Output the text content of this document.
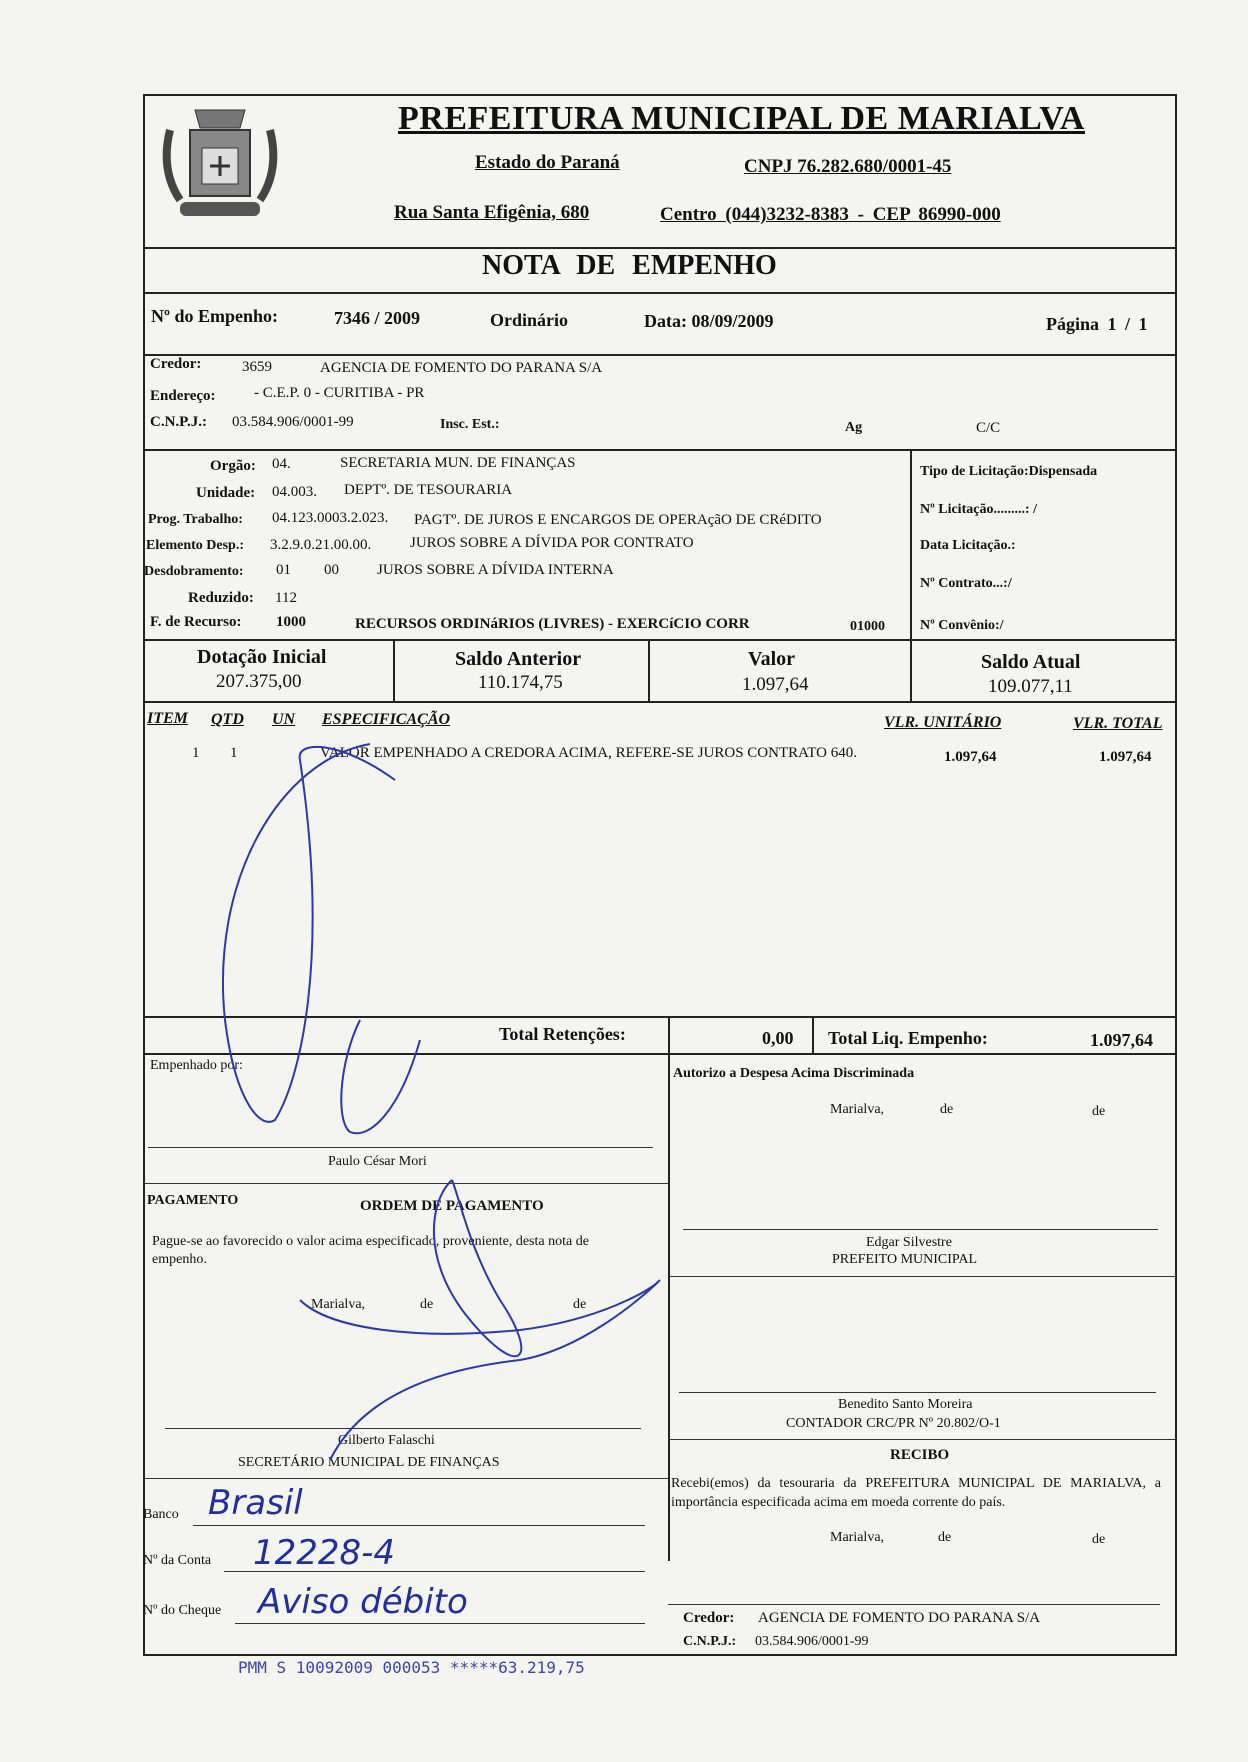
PREFEITURA MUNICIPAL DE MARIALVA
Estado do Paraná	CNPJ 76.282.680/0001-45
Rua Santa Efigênia, 680	Centro (044)3232-8383 - CEP 86990-000
NOTA DE EMPENHO
Nº do Empenho:	7346 / 2009	Ordinário	Data: 08/09/2009	Página 1 / 1
Credor:	3659	AGENCIA DE FOMENTO DO PARANA S/A
Endereço:	- C.E.P. 0 - CURITIBA - PR
C.N.P.J.: 03.584.906/0001-99	Insc. Est.:	Ag	C/C
Orgão: 04.	SECRETARIA MUN. DE FINANÇAS
Unidade: 04.003. DEPTº. DE TESOURARIA
Prog. Trabalho: 04.123.0003.2.023. PAGTº. DE JUROS E ENCARGOS DE OPERAçãO DE CRéDITO
Elemento Desp.: 3.2.9.0.21.00.00.	JUROS SOBRE A DÍVIDA POR CONTRATO
Desdobramento: 01 00	JUROS SOBRE A DÍVIDA INTERNA
Reduzido: 112
F. de Recurso: 1000	RECURSOS ORDINáRIOS (LIVRES) - EXERCíCIO CORR	01000
Tipo de Licitação:Dispensada
Nº Licitação.........: /
Data Licitação.:
Nº Contrato...:/
Nº Convênio:/
Dotação Inicial
207.375,00
Saldo Anterior
110.174,75
Valor
1.097,64
Saldo Atual
109.077,11
ITEM QTD UN ESPECIFICAÇÃO	VLR. UNITÁRIO	VLR. TOTAL
1 1	VALOR EMPENHADO A CREDORA ACIMA, REFERE-SE JUROS CONTRATO 640.	1.097,64	1.097,64
Total Retenções:	0,00 Total Liq. Empenho:	1.097,64
Empenhado por:
Paulo César Mori
Autorizo a Despesa Acima Discriminada
Marialva,	de	de
Edgar Silvestre
PREFEITO MUNICIPAL
Benedito Santo Moreira
CONTADOR CRC/PR Nº 20.802/O-1
PAGAMENTO	ORDEM DE PAGAMENTO
Pague-se ao favorecido o valor acima especificado, proveniente, desta nota de empenho.
Marialva,	de	de
Gilberto Falaschi
SECRETÁRIO MUNICIPAL DE FINANÇAS
Banco Brasil
Nº da Conta 12228-4
Nº do Cheque Aviso débito
RECIBO
Recebi(emos) da tesouraria da PREFEITURA MUNICIPAL DE MARIALVA, a importância especificada acima em moeda corrente do país.
Marialva,	de	de
Credor: AGENCIA DE FOMENTO DO PARANA S/A
C.N.P.J.: 03.584.906/0001-99
PMM S 10092009 000053 *****63.219,75
